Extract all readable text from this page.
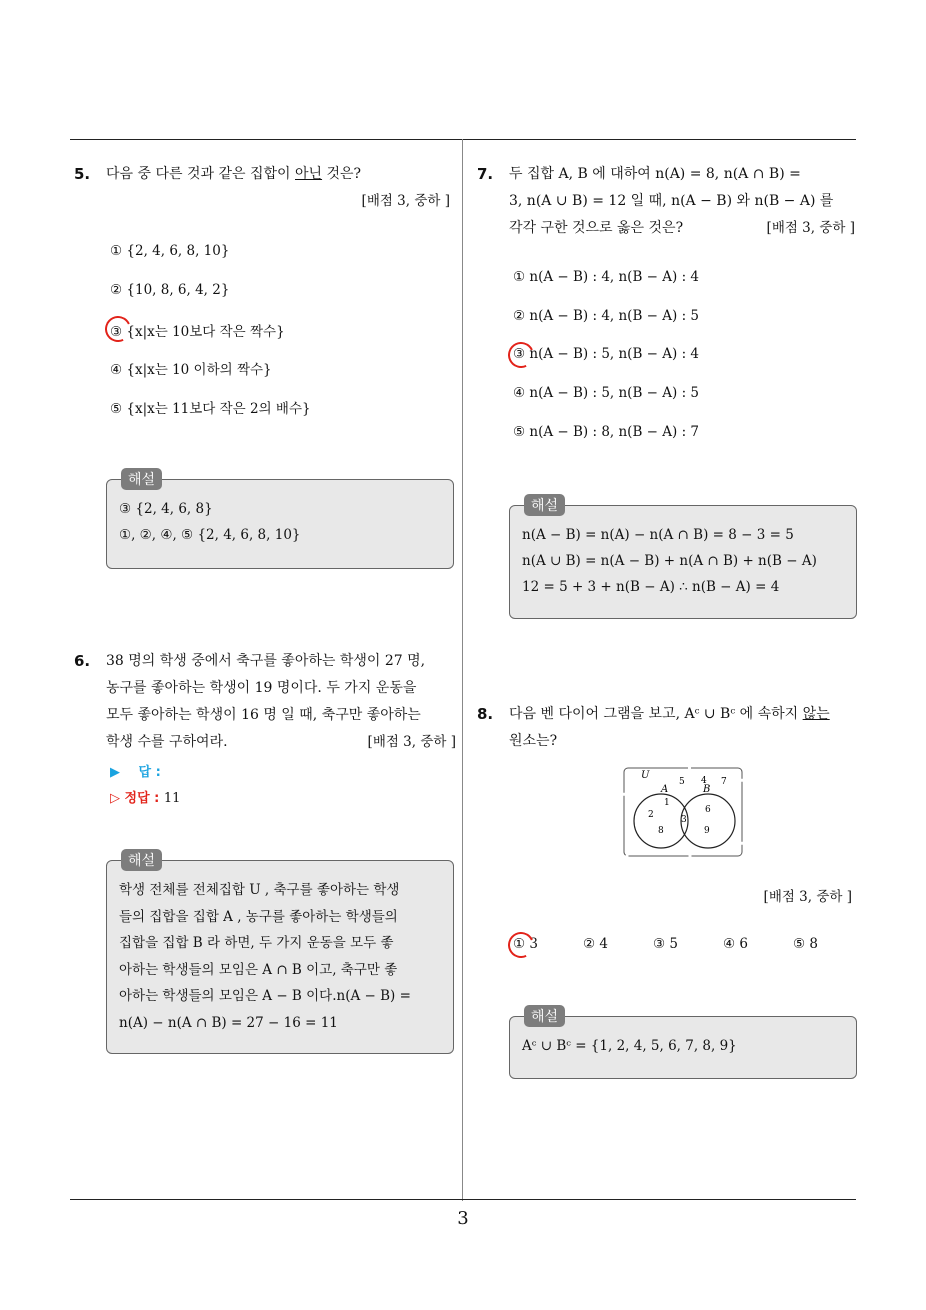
3
5. 다음 중 다른 것과 같은 집합이 아닌 것은?
[배점 3, 중하 ]
① {2, 4, 6, 8, 10}
② {10, 8, 6, 4, 2}
③ {x|x는 10보다 작은 짝수}
④ {x|x는 10 이하의 짝수}
⑤ {x|x는 11보다 작은 2의 배수}
해설
③ {2, 4, 6, 8}
①, ②, ④, ⑤ {2, 4, 6, 8, 10}
6. 38 명의 학생 중에서 축구를 좋아하는 학생이 27 명,
농구를 좋아하는 학생이 19 명이다. 두 가지 운동을
모두 좋아하는 학생이 16 명 일 때, 축구만 좋아하는
학생 수를 구하여라.	[배점 3, 중하 ]
▶ 답 :
▷ 정답 : 11
해설
학생 전체를 전체집합 U , 축구를 좋아하는 학생
들의 집합을 집합 A , 농구를 좋아하는 학생들의
집합을 집합 B 라 하면, 두 가지 운동을 모두 좋
아하는 학생들의 모임은 A ∩ B 이고, 축구만 좋
아하는 학생들의 모임은 A − B 이다.n(A − B) =
n(A) − n(A ∩ B) = 27 − 16 = 11
7. 두 집합 A, B 에 대하여 n(A) = 8, n(A ∩ B) =
3, n(A ∪ B) = 12 일 때, n(A − B) 와 n(B − A) 를
각각 구한 것으로 옳은 것은?	[배점 3, 중하 ]
① n(A − B) : 4, n(B − A) : 4
② n(A − B) : 4, n(B − A) : 5
③ n(A − B) : 5, n(B − A) : 4
④ n(A − B) : 5, n(B − A) : 5
⑤ n(A − B) : 8, n(B − A) : 7
해설
n(A − B) = n(A) − n(A ∩ B) = 8 − 3 = 5
n(A ∪ B) = n(A − B) + n(A ∩ B) + n(B − A)
12 = 5 + 3 + n(B − A) ∴ n(B − A) = 4
8. 다음 벤 다이어 그램을 보고, Aᶜ ∪ Bᶜ 에 속하지 않는
원소는?
U
A	B
1
2	3
4
5
6
7
8	9
[배점 3, 중하 ]
① 3	② 4	③ 5	④ 6	⑤ 8
해설
Aᶜ ∪ Bᶜ = {1, 2, 4, 5, 6, 7, 8, 9}
